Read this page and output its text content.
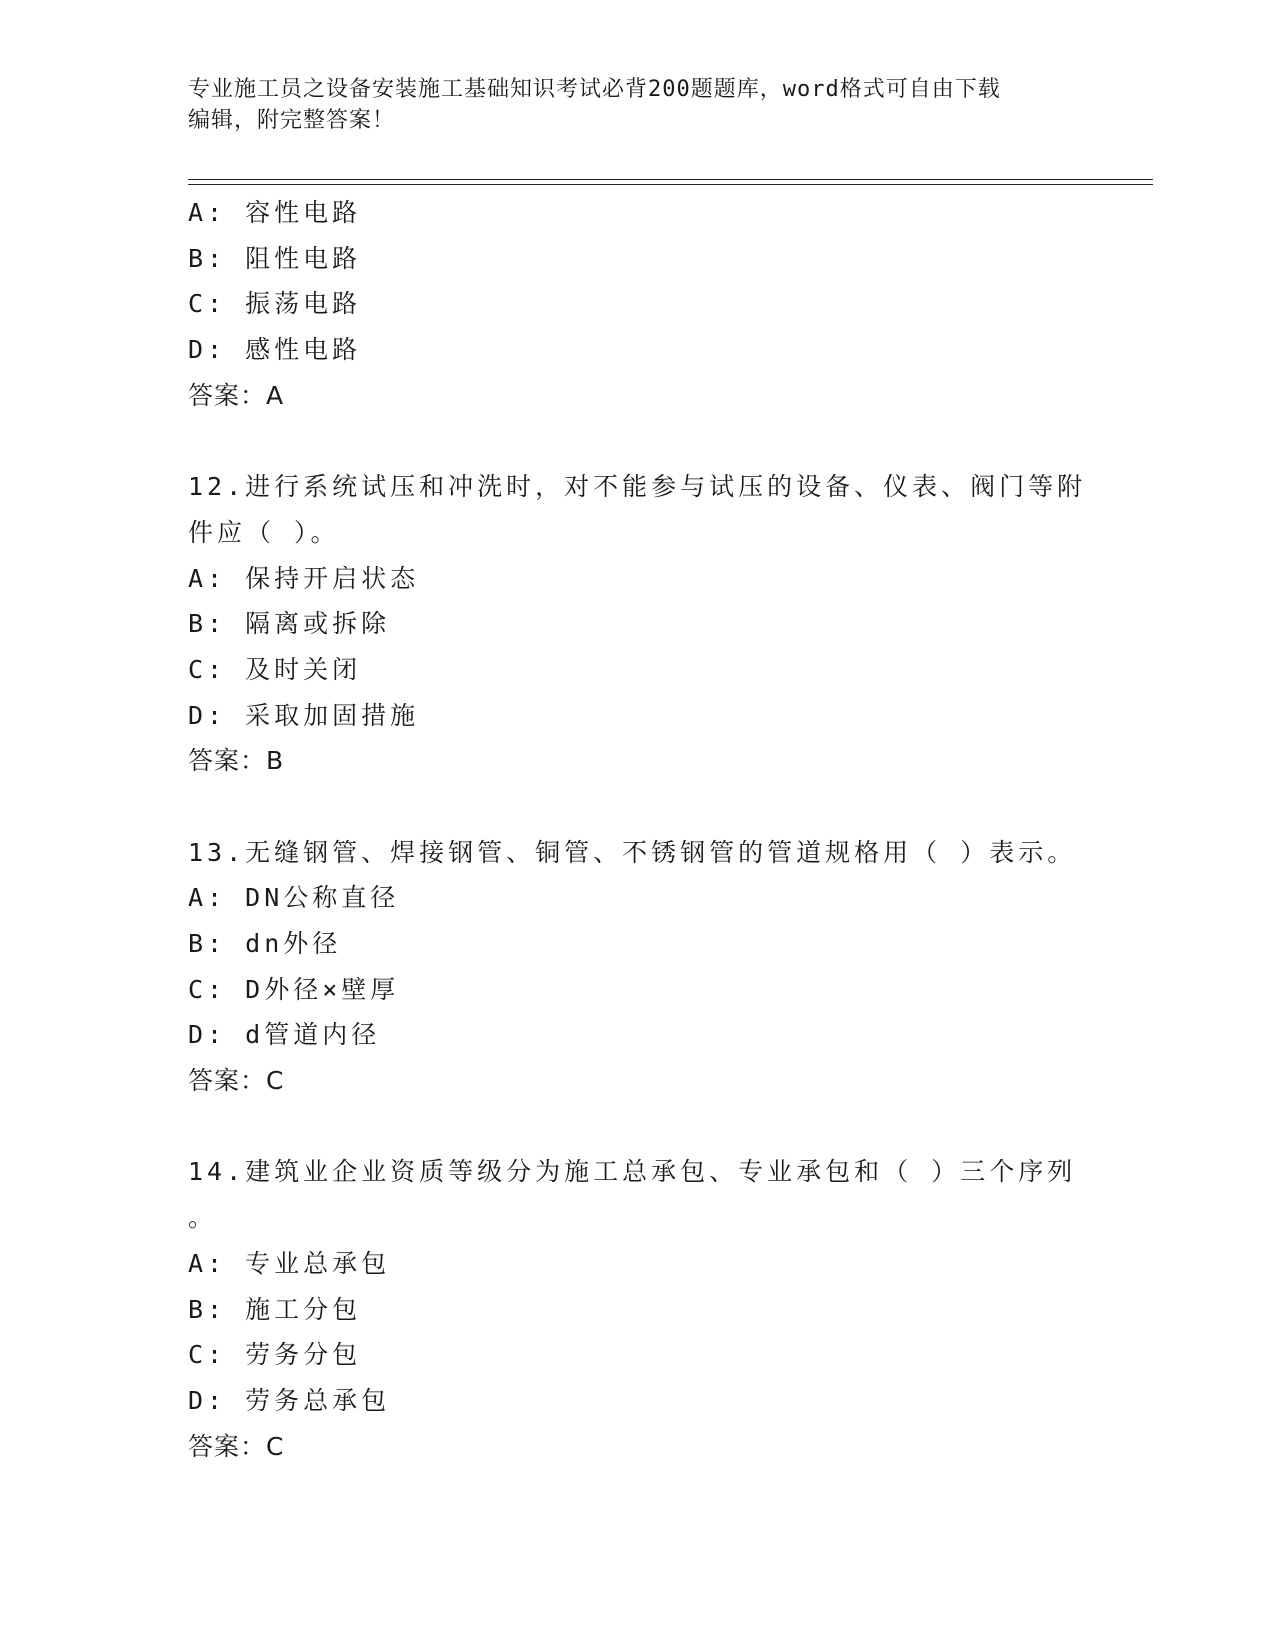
专业施工员之设备安装施工基础知识考试必背200题题库，word格式可自由下载
编辑，附完整答案！
A: 容性电路
B: 阻性电路
C: 振荡电路
D: 感性电路
答案：A
12.进行系统试压和冲洗时，对不能参与试压的设备、仪表、阀门等附
件应（ ）。
A: 保持开启状态
B: 隔离或拆除
C: 及时关闭
D: 采取加固措施
答案：B
13.无缝钢管、焊接钢管、铜管、不锈钢管的管道规格用（ ）表示。
A: DN公称直径
B: dn外径
C: D外径×壁厚
D: d管道内径
答案：C
14.建筑业企业资质等级分为施工总承包、专业承包和（ ）三个序列
。
A: 专业总承包
B: 施工分包
C: 劳务分包
D: 劳务总承包
答案：C
